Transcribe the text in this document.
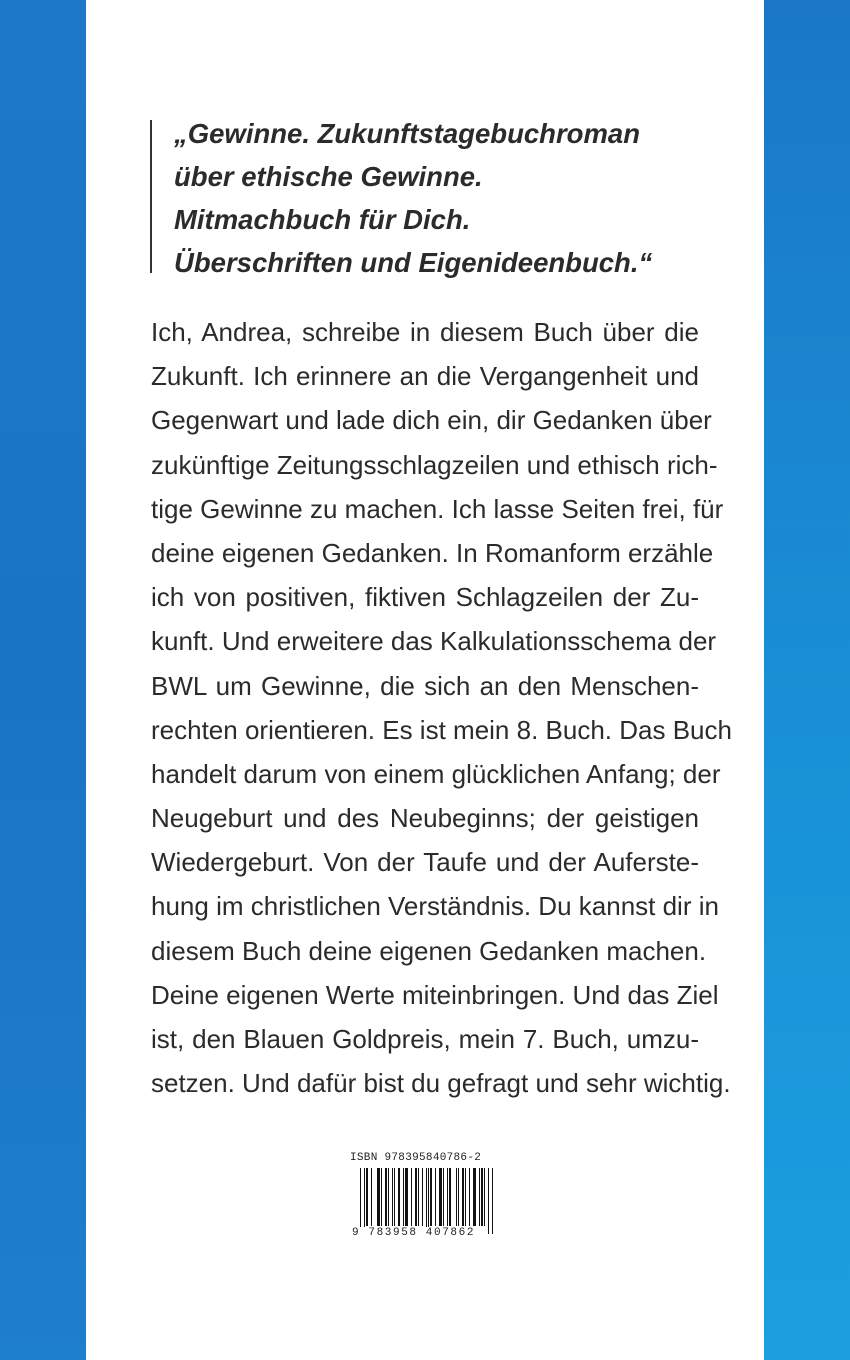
„Gewinne. Zukunftstagebuchroman
über ethische Gewinne.
Mitmachbuch für Dich.
Überschriften und Eigenideenbuch.“
Ich, Andrea, schreibe in diesem Buch über die
Zukunft. Ich erinnere an die Vergangenheit und
Gegenwart und lade dich ein, dir Gedanken über
zukünftige Zeitungsschlagzeilen und ethisch rich-
tige Gewinne zu machen. Ich lasse Seiten frei, für
deine eigenen Gedanken. In Romanform erzähle
ich von positiven, fiktiven Schlagzeilen der Zu-
kunft. Und erweitere das Kalkulationsschema der
BWL um Gewinne, die sich an den Menschen-
rechten orientieren. Es ist mein 8. Buch. Das Buch
handelt darum von einem glücklichen Anfang; der
Neugeburt und des Neubeginns; der geistigen
Wiedergeburt. Von der Taufe und der Auferste-
hung im christlichen Verständnis. Du kannst dir in
diesem Buch deine eigenen Gedanken machen.
Deine eigenen Werte miteinbringen. Und das Ziel
ist, den Blauen Goldpreis, mein 7. Buch, umzu-
setzen. Und dafür bist du gefragt und sehr wichtig.
ISBN 978395840786-2
9 783958 407862
